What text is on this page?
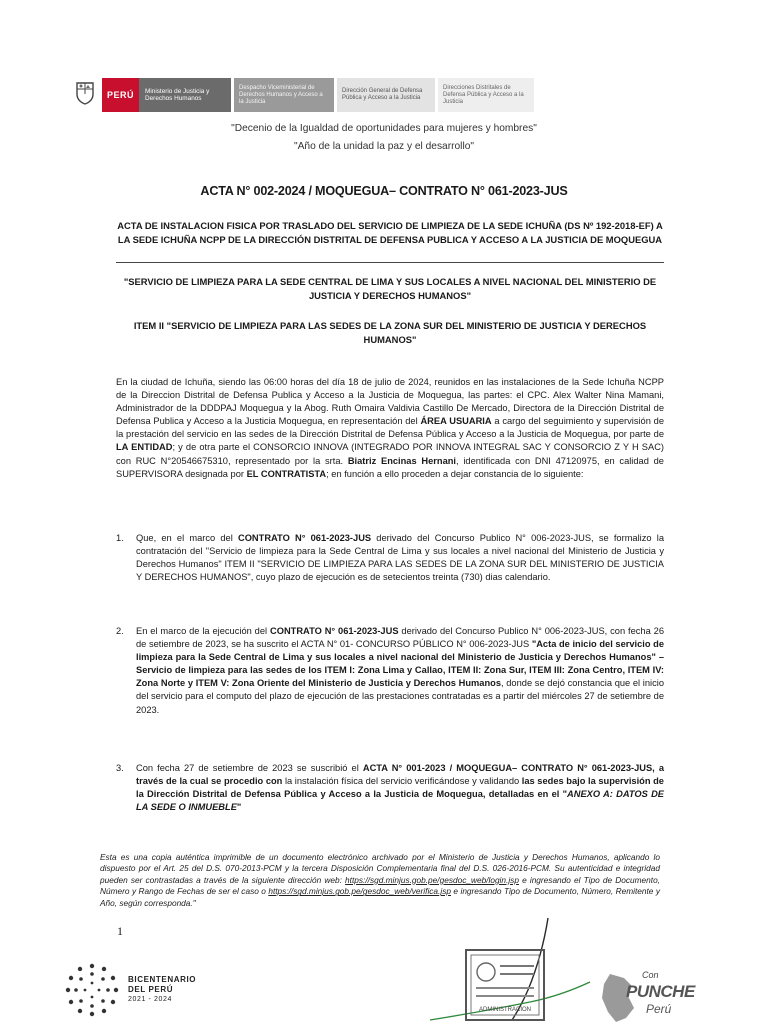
PERÚ	Ministerio de Justicia y Derechos Humanos
Despacho Viceministerial de Derechos Humanos y Acceso a la Justicia
Dirección General de Defensa Pública y Acceso a la Justicia
Direcciones Distritales de Defensa Pública y Acceso a la Justicia
"Decenio de la Igualdad de oportunidades para mujeres y hombres"
"Año de la unidad la paz y el desarrollo"
ACTA N° 002-2024 / MOQUEGUA– CONTRATO N° 061-2023-JUS
ACTA DE INSTALACION FISICA POR TRASLADO DEL SERVICIO DE LIMPIEZA DE LA SEDE ICHUÑA (DS Nº 192-2018-EF) A LA SEDE ICHUÑA NCPP DE LA DIRECCIÓN DISTRITAL DE DEFENSA PUBLICA Y ACCESO A LA JUSTICIA DE MOQUEGUA
"SERVICIO DE LIMPIEZA PARA LA SEDE CENTRAL DE LIMA Y SUS LOCALES A NIVEL NACIONAL DEL MINISTERIO DE JUSTICIA Y DERECHOS HUMANOS"
ITEM II "SERVICIO DE LIMPIEZA PARA LAS SEDES DE LA ZONA SUR DEL MINISTERIO DE JUSTICIA Y DERECHOS HUMANOS"
En la ciudad de Ichuña, siendo las 06:00 horas del día 18 de julio de 2024, reunidos en las instalaciones de la Sede Ichuña NCPP de la Direccion Distrital de Defensa Publica y Acceso a la Justicia de Moquegua, las partes: el CPC. Alex Walter Nina Mamani, Administrador de la DDDPAJ Moquegua y la Abog. Ruth Omaira Valdivia Castillo De Mercado, Directora de la Dirección Distrital de Defensa Publica y Acceso a la Justicia Moquegua, en representación del ÁREA USUARIA a cargo del seguimiento y supervisión de la prestación del servicio en las sedes de la Dirección Distrital de Defensa Pública y Acceso a la Justicia de Moquegua, por parte de LA ENTIDAD; y de otra parte el CONSORCIO INNOVA (INTEGRADO POR INNOVA INTEGRAL SAC Y CONSORCIO Z Y H SAC) con RUC N°20546675310, representado por la srta. Biatriz Encinas Hernani, identificada con DNI 47120975, en calidad de SUPERVISORA designada por EL CONTRATISTA; en función a ello proceden a dejar constancia de lo siguiente:
1.	Que, en el marco del CONTRATO N° 061-2023-JUS derivado del Concurso Publico N° 006-2023-JUS, se formalizo la contratación del "Servicio de limpieza para la Sede Central de Lima y sus locales a nivel nacional del Ministerio de Justicia y Derechos Humanos" ITEM II "SERVICIO DE LIMPIEZA PARA LAS SEDES DE LA ZONA SUR DEL MINISTERIO DE JUSTICIA Y DERECHOS HUMANOS", cuyo plazo de ejecución es de setecientos treinta (730) dias calendario.
2.	En el marco de la ejecución del CONTRATO N° 061-2023-JUS derivado del Concurso Publico N° 006-2023-JUS, con fecha 26 de setiembre de 2023, se ha suscrito el ACTA N° 01- CONCURSO PÚBLICO N° 006-2023-JUS "Acta de inicio del servicio de limpieza para la Sede Central de Lima y sus locales a nivel nacional del Ministerio de Justicia y Derechos Humanos" – Servicio de limpieza para las sedes de los ITEM I: Zona Lima y Callao, ITEM II: Zona Sur, ITEM III: Zona Centro, ITEM IV: Zona Norte y ITEM V: Zona Oriente del Ministerio de Justicia y Derechos Humanos, donde se dejó constancia que el inicio del servicio para el computo del plazo de ejecución de las prestaciones contratadas es a partir del miércoles 27 de setiembre de 2023.
3.	Con fecha 27 de setiembre de 2023 se suscribió el ACTA N° 001-2023 / MOQUEGUA– CONTRATO N° 061-2023-JUS, a través de la cual se procedio con la instalación física del servicio verificándose y validando las sedes bajo la supervisión de la Dirección Distrital de Defensa Pública y Acceso a la Justicia de Moquegua, detalladas en el "ANEXO A: DATOS DE LA SEDE O INMUEBLE"
Esta es una copia auténtica imprimible de un documento electrónico archivado por el Ministerio de Justicia y Derechos Humanos, aplicando lo dispuesto por el Art. 25 del D.S. 070-2013-PCM y la tercera Disposición Complementaria final del D.S. 026-2016-PCM. Su autenticidad e integridad pueden ser contrastadas a través de la siguiente dirección web: https://sgd.minjus.gob.pe/gesdoc_web/login.jsp e ingresando el Tipo de Documento, Número y Rango de Fechas de ser el caso o https://sgd.minjus.gob.pe/gesdoc_web/verifica.jsp e ingresando Tipo de Documento, Número, Remitente y Año, según corresponda."
1
BICENTENARIO
DEL PERÚ
2021 - 2024
ADMINISTRACION
Con
PUNCHE
Perú
